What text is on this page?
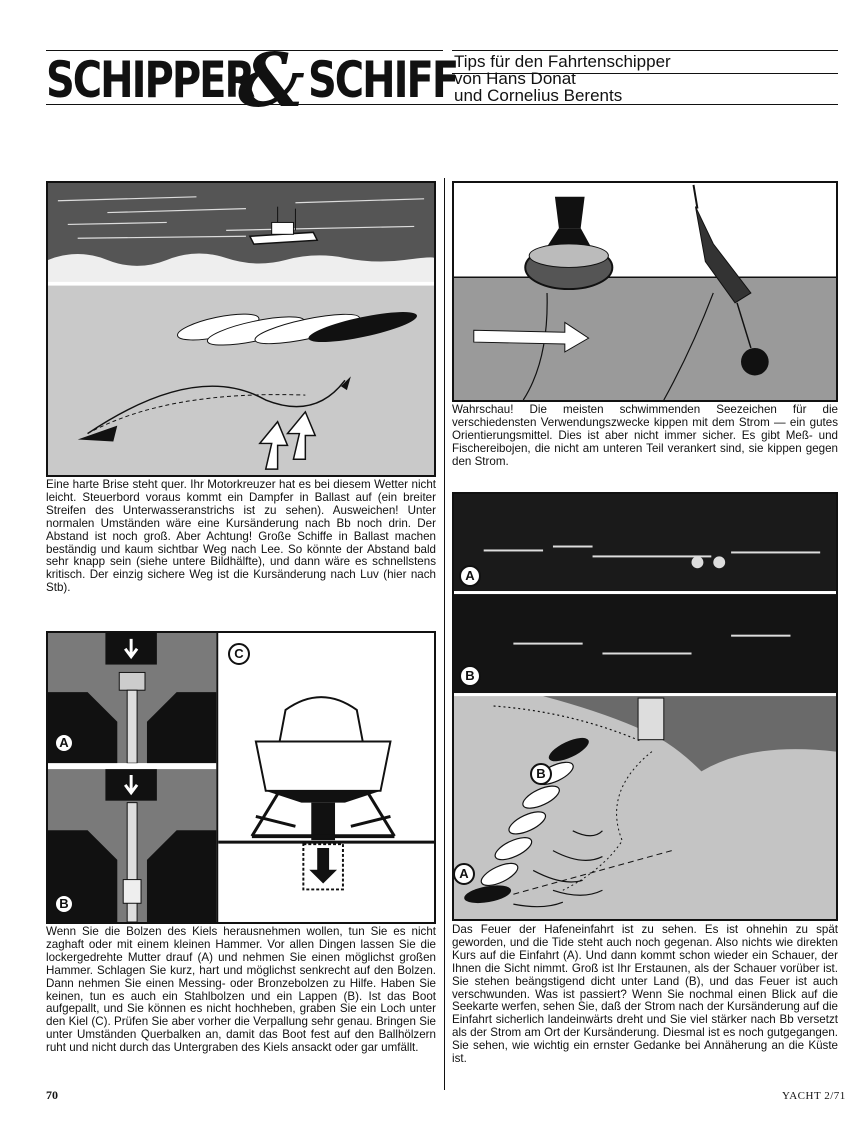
SCHIPPER
& SCHIFF
Tips für den Fahrtenschipper
von Hans Donat
und Cornelius Berents
Eine harte Brise steht quer. Ihr Motorkreuzer hat es bei diesem Wetter nicht leicht. Steuerbord voraus kommt ein Dampfer in Ballast auf (ein breiter Streifen des Unterwasseranstrichs ist zu sehen). Ausweichen! Unter normalen Umständen wäre eine Kursänderung nach Bb noch drin. Der Abstand ist noch groß. Aber Achtung! Große Schiffe in Ballast machen beständig und kaum sichtbar Weg nach Lee. So könnte der Abstand bald sehr knapp sein (siehe untere Bildhälfte), und dann wäre es schnellstens kritisch. Der einzig sichere Weg ist die Kursänderung nach Luv (hier nach Stb).
A
B
C
Wenn Sie die Bolzen des Kiels herausnehmen wollen, tun Sie es nicht zaghaft oder mit einem kleinen Hammer. Vor allen Dingen lassen Sie die lockergedrehte Mutter drauf (A) und nehmen Sie einen möglichst großen Hammer. Schlagen Sie kurz, hart und möglichst senkrecht auf den Bolzen. Dann nehmen Sie einen Messing- oder Bronzebolzen zu Hilfe. Haben Sie keinen, tun es auch ein Stahlbolzen und ein Lappen (B). Ist das Boot aufgepallt, und Sie können es nicht hochheben, graben Sie ein Loch unter den Kiel (C). Prüfen Sie aber vorher die Verpallung sehr genau. Bringen Sie unter Umständen Querbalken an, damit das Boot fest auf den Ballhölzern ruht und nicht durch das Untergraben des Kiels ansackt oder gar umfällt.
Wahrschau! Die meisten schwimmenden Seezeichen für die verschiedensten Verwendungszwecke kippen mit dem Strom — ein gutes Orientierungsmittel. Dies ist aber nicht immer sicher. Es gibt Meß- und Fischereibojen, die nicht am unteren Teil verankert sind, sie kippen gegen den Strom.
A
B
B
A
Das Feuer der Hafeneinfahrt ist zu sehen. Es ist ohnehin zu spät geworden, und die Tide steht auch noch gegenan. Also nichts wie direkten Kurs auf die Einfahrt (A). Und dann kommt schon wieder ein Schauer, der Ihnen die Sicht nimmt. Groß ist Ihr Erstaunen, als der Schauer vorüber ist. Sie stehen beängstigend dicht unter Land (B), und das Feuer ist auch verschwunden. Was ist passiert? Wenn Sie nochmal einen Blick auf die Seekarte werfen, sehen Sie, daß der Strom nach der Kursänderung auf die Einfahrt sicherlich landeinwärts dreht und Sie viel stärker nach Bb versetzt als der Strom am Ort der Kursänderung. Diesmal ist es noch gutgegangen. Sie sehen, wie wichtig ein ernster Gedanke bei Annäherung an die Küste ist.
70	YACHT 2/71
